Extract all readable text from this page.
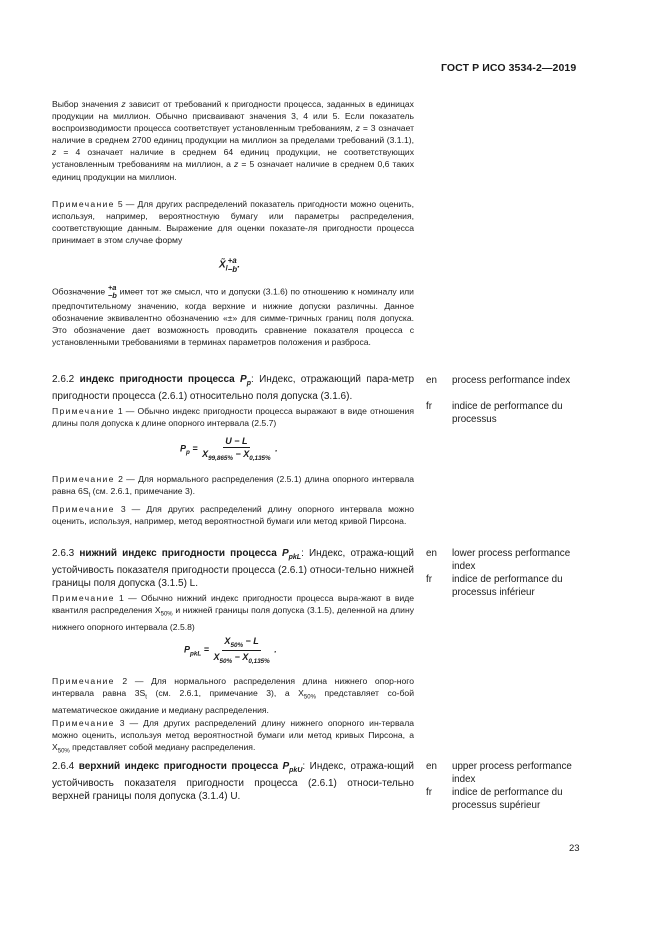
ГОСТ Р ИСО 3534-2—2019

Выбор значения z зависит от требований к пригодности процесса, заданных в единицах продукции на миллион. Обычно присваивают значения 3, 4 или 5. Если показатель воспроизводимости процесса соответствует установленным требованиям, z = 3 означает наличие в среднем 2700 единиц продукции на миллион за пределами требований (3.1.1), z = 4 означает наличие в среднем 64 единиц продукции, не соответствующих установленным требованиям на миллион, а z = 5 означает наличие в среднем 0,6 таких единиц продукции на миллион.

Примечание 5 — Для других распределений показатель пригодности можно оценить, используя, например, вероятностную бумагу или параметры распределения, соответствующие данным. Выражение для оценки показате-ля пригодности процесса принимает в этом случае форму

$X̃_l$
+a
−b .

Обозначение +a
−b имеет тот же смысл, что и допуски (3.1.6) по отношению к номиналу или предпочтительному значению, когда верхние и нижние допуски различны. Данное обозначение эквивалентно обозначению «±» для симме-тричных границ поля допуска. Это обозначение дает возможность проводить сравнение показателя процесса с установленными требованиями в терминах параметров положения и разброса.

2.6.2 индекс пригодности процесса $P_p$: Индекс, отражающий пара-метр пригодности процесса (2.6.1) относительно поля допуска (3.1.6).
en	process performance index
fr	indice de performance du processus

Примечание 1 — Обычно индекс пригодности процесса выражают в виде отношения длины поля допуска к длине опорного интервала (2.5.7)

$P_p = \frac{U - L}{X_{99,865\%} - X_{0,135\%}}$ .

Примечание 2 — Для нормального распределения (2.5.1) длина опорного интервала равна $6S_t$ (см. 2.6.1, примечание 3).

Примечание 3 — Для других распределений длину опорного интервала можно оценить, используя, например, метод вероятностной бумаги или метод кривой Пирсона.

2.6.3 нижний индекс пригодности процесса $P_{pkL}$: Индекс, отража-ющий устойчивость показателя пригодности процесса (2.6.1) относи-тельно нижней границы поля допуска (3.1.5) L.
en	lower process performance index
fr	indice de performance du processus inférieur

Примечание 1 — Обычно нижний индекс пригодности процесса выра-жают в виде квантиля распределения $X_{50\%}$ и нижней границы поля допуска (3.1.5), деленной на длину нижнего опорного интервала (2.5.8)

$P_{pkL} = \frac{X_{50\%} - L}{X_{50\%} - X_{0,135\%}}$ .

Примечание 2 — Для нормального распределения длина нижнего опор-ного интервала равна $3S_t$ (см. 2.6.1, примечание 3), а $X_{50\%}$ представляет со-бой математическое ожидание и медиану распределения.

Примечание 3 — Для других распределений длину нижнего опорного ин-тервала можно оценить, используя метод вероятностной бумаги или метод кривых Пирсона, а $X_{50\%}$ представляет собой медиану распределения.

2.6.4 верхний индекс пригодности процесса $P_{pkU}$: Индекс, отража-ющий устойчивость показателя пригодности процесса (2.6.1) относи-тельно верхней границы поля допуска (3.1.4) U.
en	upper process performance index
fr	indice de performance du processus supérieur
23
